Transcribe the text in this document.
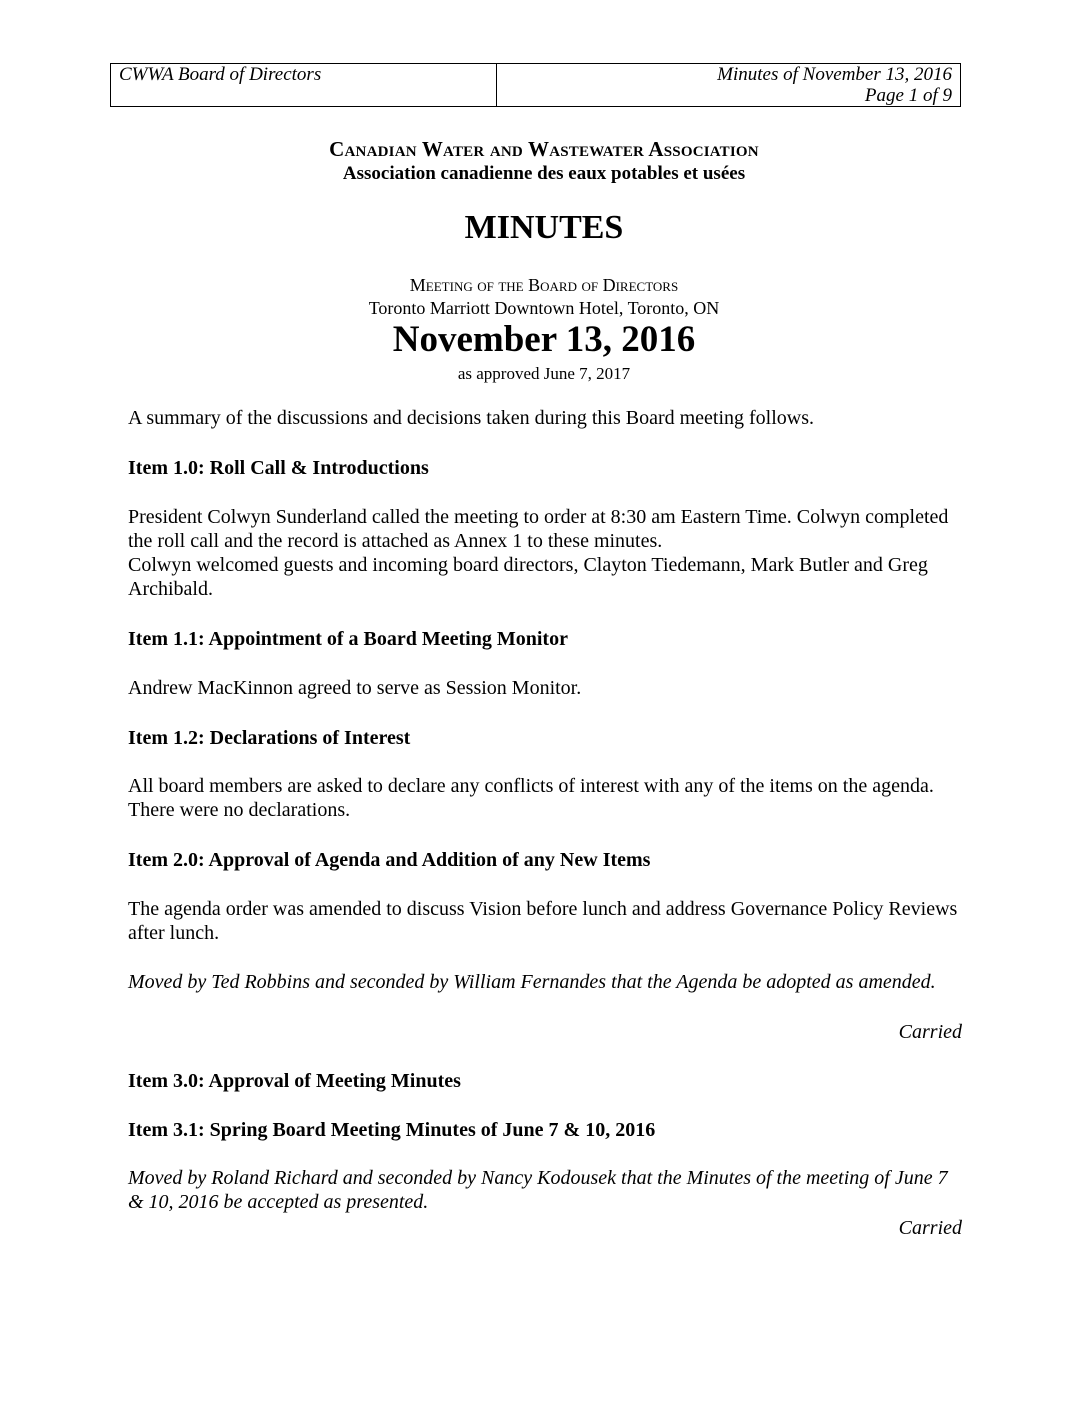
CWWA Board of Directors	Minutes of November 13, 2016
Page 1 of 9
Canadian Water and Wastewater Association
Association canadienne des eaux potables et usées
MINUTES
Meeting of the Board of Directors
Toronto Marriott Downtown Hotel, Toronto, ON
November 13, 2016
as approved June 7, 2017
A summary of the discussions and decisions taken during this Board meeting follows.
Item 1.0: Roll Call & Introductions
President Colwyn Sunderland called the meeting to order at 8:30 am Eastern Time. Colwyn completed the roll call and the record is attached as Annex 1 to these minutes.
Colwyn welcomed guests and incoming board directors, Clayton Tiedemann, Mark Butler and Greg Archibald.
Item 1.1: Appointment of a Board Meeting Monitor
Andrew MacKinnon agreed to serve as Session Monitor.
Item 1.2: Declarations of Interest
All board members are asked to declare any conflicts of interest with any of the items on the agenda. There were no declarations.
Item 2.0: Approval of Agenda and Addition of any New Items
The agenda order was amended to discuss Vision before lunch and address Governance Policy Reviews after lunch.
Moved by Ted Robbins and seconded by William Fernandes that the Agenda be adopted as amended.
Carried
Item 3.0: Approval of Meeting Minutes
Item 3.1: Spring Board Meeting Minutes of June 7 & 10, 2016
Moved by Roland Richard and seconded by Nancy Kodousek that the Minutes of the meeting of June 7 & 10, 2016 be accepted as presented.
Carried
